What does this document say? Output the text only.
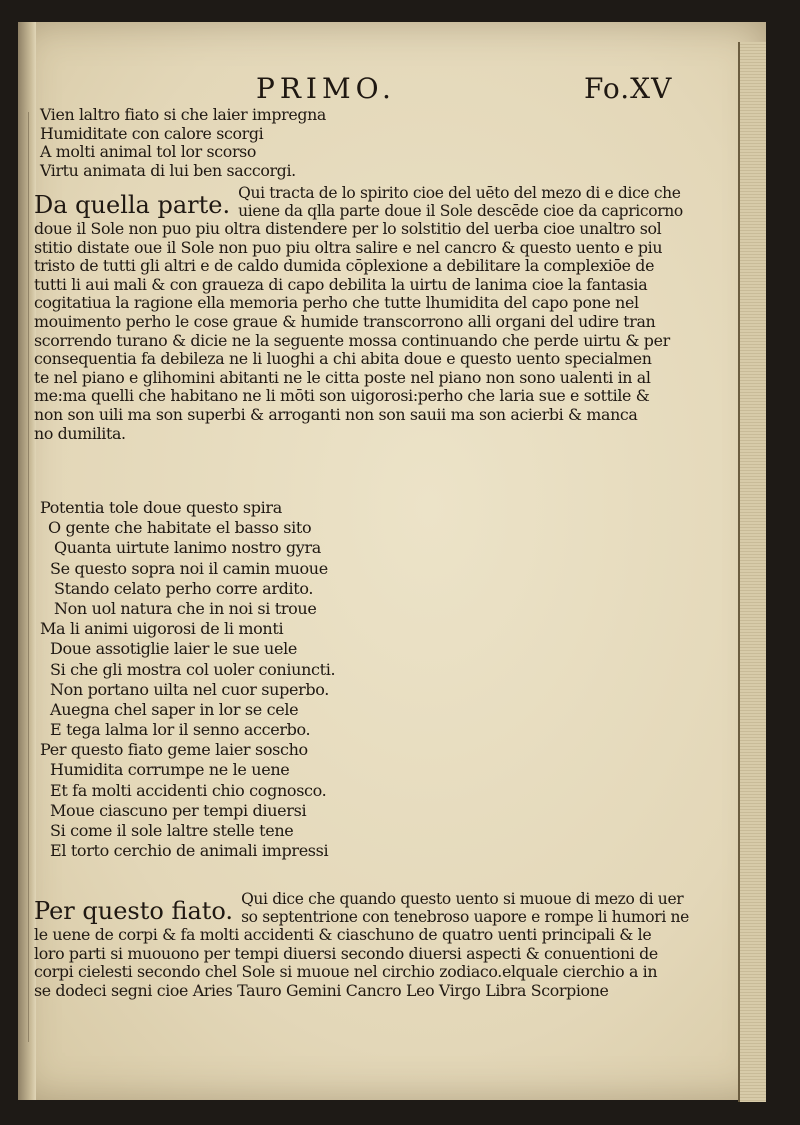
PRIMO.	Fo.XV
Vien laltro fiato si che laier impregna
Humiditate con calore scorgi
A molti animal tol lor scorso
Virtu animata di lui ben saccorgi.
Da quella parte. Qui tracta de lo spirito cioe del uēto del mezo di e dice che
uiene da qlla parte doue il Sole descēde cioe da capricorno
doue il Sole non puo piu oltra distendere per lo solstitio del uerba cioe unaltro sol
stitio distate oue il Sole non puo piu oltra salire e nel cancro & questo uento e piu
tristo de tutti gli altri e de caldo dumida cōplexione a debilitare la complexiōe de
tutti li aui mali & con graueza di capo debilita la uirtu de lanima cioe la fantasia
cogitatiua la ragione ella memoria perho che tutte lhumidita del capo pone nel
mouimento perho le cose graue & humide transcorrono alli organi del udire tran
scorrendo turano & dicie ne la seguente mossa continuando che perde uirtu & per
consequentia fa debileza ne li luoghi a chi abita doue e questo uento specialmen
te nel piano e glihomini abitanti ne le citta poste nel piano non sono ualenti in al
me:ma quelli che habitano ne li mōti son uigorosi:perho che laria sue e sottile &
non son uili ma son superbi & arroganti non son sauii ma son acierbi & manca
no dumilita.
Potentia tole doue questo spira
O gente che habitate el basso sito
Quanta uirtute lanimo nostro gyra
Se questo sopra noi il camin muoue
Stando celato perho corre ardito.
Non uol natura che in noi si troue
Ma li animi uigorosi de li monti
Doue assotiglie laier le sue uele
Si che gli mostra col uoler coniuncti.
Non portano uilta nel cuor superbo.
Auegna chel saper in lor se cele
E tega lalma lor il senno accerbo.
Per questo fiato geme laier soscho
Humidita corrumpe ne le uene
Et fa molti accidenti chio cognosco.
Moue ciascuno per tempi diuersi
Si come il sole laltre stelle tene
El torto cerchio de animali impressi
Per questo fiato. Qui dice che quando questo uento si muoue di mezo di uer
so septentrione con tenebroso uapore e rompe li humori ne
le uene de corpi & fa molti accidenti & ciaschuno de quatro uenti principali & le
loro parti si muouono per tempi diuersi secondo diuersi aspecti & conuentioni de
corpi cielesti secondo chel Sole si muoue nel circhio zodiaco.elquale cierchio a in
se dodeci segni cioe Aries Tauro Gemini Cancro Leo Virgo Libra Scorpione
